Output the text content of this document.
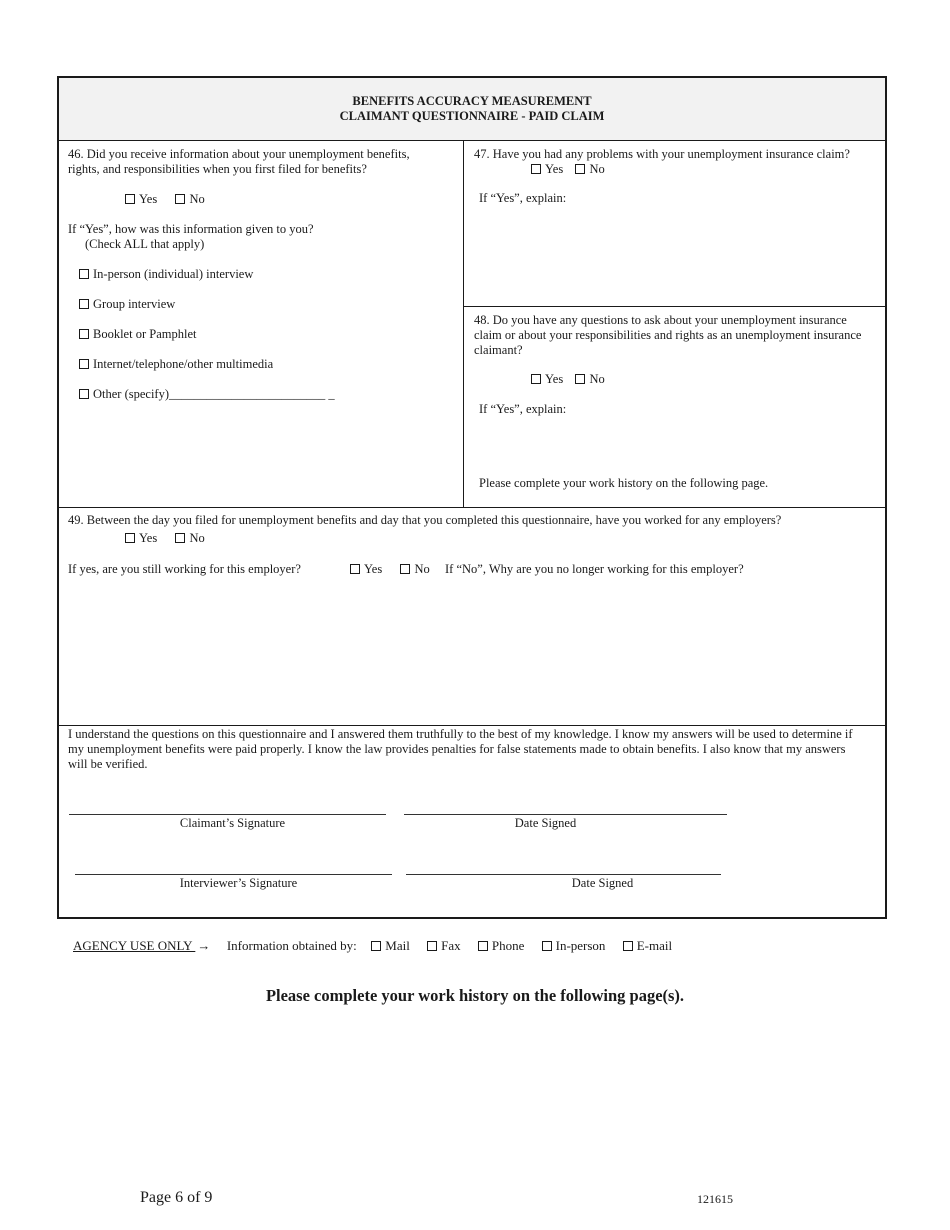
BENEFITS ACCURACY MEASUREMENT
CLAIMANT QUESTIONNAIRE - PAID CLAIM
46. Did you receive information about your unemployment benefits,
rights, and responsibilities when you first filed for benefits?
Yes	No
If “Yes”, how was this information given to you?
(Check ALL that apply)
In-person (individual) interview
Group interview
Booklet or Pamphlet
Internet/telephone/other multimedia
Other (specify)_________________________ _
47. Have you had any problems with your unemployment insurance claim?
Yes No
If “Yes”, explain:
48. Do you have any questions to ask about your unemployment insurance
claim or about your responsibilities and rights as an unemployment insurance
claimant?
Yes No
If “Yes”, explain:
Please complete your work history on the following page.
49. Between the day you filed for unemployment benefits and day that you completed this questionnaire, have you worked for any employers?
Yes	No
If yes, are you still working for this employer?	Yes	No If “No”, Why are you no longer working for this employer?
I understand the questions on this questionnaire and I answered them truthfully to the best of my knowledge. I know my answers will be used to determine if
my unemployment benefits were paid properly. I know the law provides penalties for false statements made to obtain benefits. I also know that my answers
will be verified.
Claimant’s Signature	Date Signed
Interviewer’s Signature	Date Signed
AGENCY USE ONLY → Information obtained by: Mail Fax Phone In-person E-mail
Please complete your work history on the following page(s).
Page 6 of 9	121615
